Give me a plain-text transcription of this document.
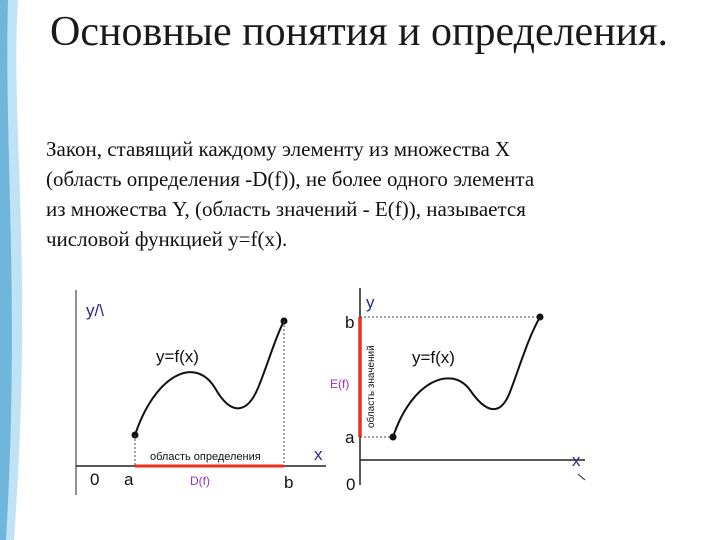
Основные понятия и определения.
Закон, ставящий каждому элементу из множества X
(область определения -D(f)), не более одного элемента
из множества Y, (область значений - E(f)), называется
числовой функцией y=f(x).
y/\
y=f(x)
область определения	x
0 a	D(f)	b
y
b
область значений
E(f)
a
y=f(x)
x
0
